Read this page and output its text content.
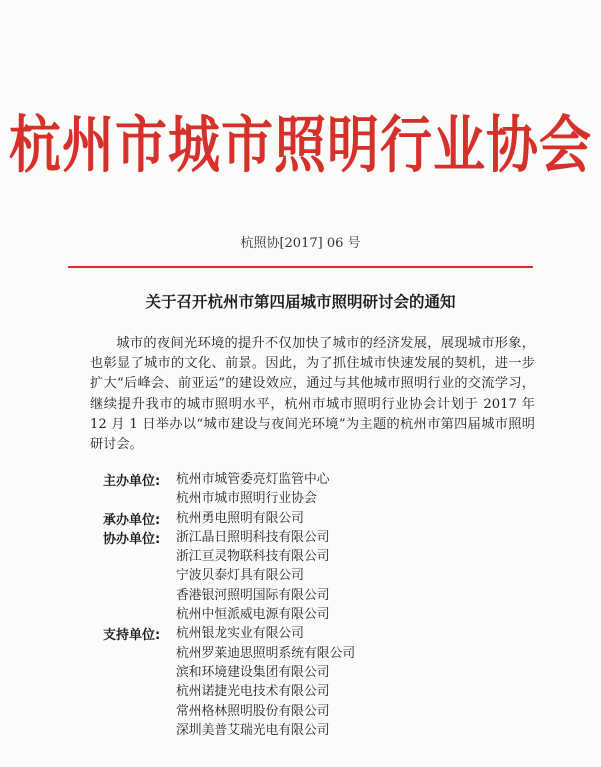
杭州市城市照明行业协会
杭照协[2017] 06 号
关于召开杭州市第四届城市照明研讨会的通知

城市的夜间光环境的提升不仅加快了城市的经济发展，展现城市形象，也彰显了城市的文化、前景。因此，为了抓住城市快速发展的契机，进一步扩大“后峰会、前亚运”的建设效应，通过与其他城市照明行业的交流学习，继续提升我市的城市照明水平，杭州市城市照明行业协会计划于 2017 年 12 月 1 日举办以“城市建设与夜间光环境”为主题的杭州市第四届城市照明研讨会。

主办单位:	杭州市城管委亮灯监管中心
杭州市城市照明行业协会
承办单位:	杭州勇电照明有限公司
协办单位:	浙江晶日照明科技有限公司
浙江亘灵物联科技有限公司
宁波贝泰灯具有限公司
香港银河照明国际有限公司
杭州中恒派威电源有限公司
支持单位:	杭州银龙实业有限公司
杭州罗莱迪思照明系统有限公司
滨和环境建设集团有限公司
杭州诺捷光电技术有限公司
常州格林照明股份有限公司
深圳美普艾瑞光电有限公司
